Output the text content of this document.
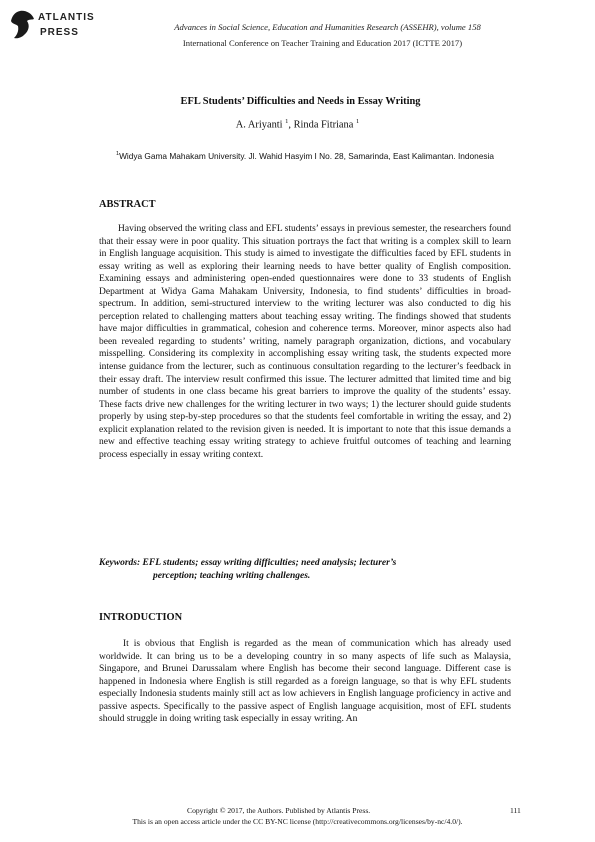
ATLANTIS
PRESS	Advances in Social Science, Education and Humanities Research (ASSEHR), volume 158
International Conference on Teacher Training and Education 2017 (ICTTE 2017)
EFL Students’ Difficulties and Needs in Essay Writing
A. Ariyanti $^1$, Rinda Fitriana $^1$
$^1$Widya Gama Mahakam University. Jl. Wahid Hasyim I No. 28, Samarinda, East Kalimantan. Indonesia
ABSTRACT

Having observed the writing class and EFL students’ essays in previous semester, the researchers found that their essay were in poor quality. This situation portrays the fact that writing is a complex skill to learn in English language acquisition. This study is aimed to investigate the difficulties faced by EFL students in essay writing as well as exploring their learning needs to have better quality of English composition. Examining essays and administering open-ended questionnaires were done to 33 students of English Department at Widya Gama Mahakam University, Indonesia, to find students’ difficulties in broad-spectrum. In addition, semi-structured interview to the writing lecturer was also conducted to dig his perception related to challenging matters about teaching essay writing. The findings showed that students have major difficulties in grammatical, cohesion and coherence terms. Moreover, minor aspects also had been revealed regarding to students’ writing, namely paragraph organization, dictions, and vocabulary misspelling. Considering its complexity in accomplishing essay writing task, the students expected more intense guidance from the lecturer, such as continuous consultation regarding to the lecturer’s feedback in their essay draft. The interview result confirmed this issue. The lecturer admitted that limited time and big number of students in one class became his great barriers to improve the quality of the students’ essay. These facts drive new challenges for the writing lecturer in two ways; 1) the lecturer should guide students properly by using step-by-step procedures so that the students feel comfortable in writing the essay, and 2) explicit explanation related to the revision given is needed. It is important to note that this issue demands a new and effective teaching essay writing strategy to achieve fruitful outcomes of teaching and learning process especially in essay writing context.

Keywords: EFL students; essay writing difficulties; need analysis; lecturer’s
perception; teaching writing challenges.
INTRODUCTION

It is obvious that English is regarded as the mean of communication which has already used worldwide. It can bring us to be a developing country in so many aspects of life such as Malaysia, Singapore, and Brunei Darussalam where English has become their second language. Different case is happened in Indonesia where English is still regarded as a foreign language, so that is why EFL students especially Indonesia students mainly still act as low achievers in English language proficiency in active and passive aspects. Specifically to the passive aspect of English language acquisition, most of EFL students should struggle in doing writing task especially in essay writing. An

Copyright © 2017, the Authors. Published by Atlantis Press.	111
This is an open access article under the CC BY-NC license (http://creativecommons.org/licenses/by-nc/4.0/).
